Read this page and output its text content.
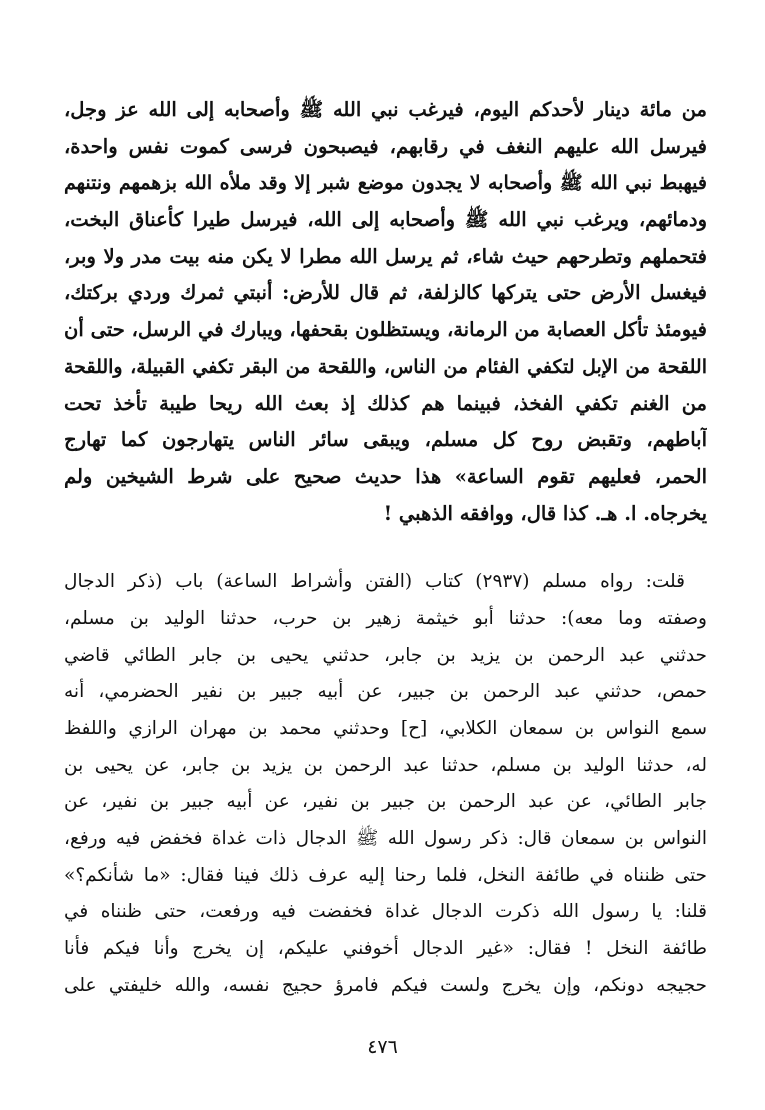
من مائة دينار لأحدكم اليوم، فيرغب نبي الله ﷺ وأصحابه إلى الله عز وجل،
فيرسل الله عليهم النغف في رقابهم، فيصبحون فرسى كموت نفس واحدة،
فيهبط نبي الله ﷺ وأصحابه لا يجدون موضع شبر إلا وقد ملأه الله بزهمهم ونتنهم
ودمائهم، ويرغب نبي الله ﷺ وأصحابه إلى الله، فيرسل طيرا كأعناق البخت،
فتحملهم وتطرحهم حيث شاء، ثم يرسل الله مطرا لا يكن منه بيت مدر ولا وبر،
فيغسل الأرض حتى يتركها كالزلفة، ثم قال للأرض: أنبتي ثمرك وردي بركتك،
فيومئذ تأكل العصابة من الرمانة، ويستظلون بقحفها، ويبارك في الرسل، حتى أن
اللقحة من الإبل لتكفي الفئام من الناس، واللقحة من البقر تكفي القبيلة، واللقحة
من الغنم تكفي الفخذ، فبينما هم كذلك إذ بعث الله ريحا طيبة تأخذ تحت
آباطهم، وتقبض روح كل مسلم، ويبقى سائر الناس يتهارجون كما تهارج
الحمر، فعليهم تقوم الساعة» هذا حديث صحيح على شرط الشيخين ولم
يخرجاه. ا. هـ. كذا قال، ووافقه الذهبي !
قلت: رواه مسلم (٢٩٣٧) كتاب (الفتن وأشراط الساعة) باب (ذكر الدجال
وصفته وما معه): حدثنا أبو خيثمة زهير بن حرب، حدثنا الوليد بن مسلم،
حدثني عبد الرحمن بن يزيد بن جابر، حدثني يحيى بن جابر الطائي قاضي
حمص، حدثني عبد الرحمن بن جبير، عن أبيه جبير بن نفير الحضرمي، أنه
سمع النواس بن سمعان الكلابي، [ح] وحدثني محمد بن مهران الرازي واللفظ
له، حدثنا الوليد بن مسلم، حدثنا عبد الرحمن بن يزيد بن جابر، عن يحيى بن
جابر الطائي، عن عبد الرحمن بن جبير بن نفير، عن أبيه جبير بن نفير، عن
النواس بن سمعان قال: ذكر رسول الله ﷺ الدجال ذات غداة فخفض فيه ورفع،
حتى ظنناه في طائفة النخل، فلما رحنا إليه عرف ذلك فينا فقال: «ما شأنكم؟»
قلنا: يا رسول الله ذكرت الدجال غداة فخفضت فيه ورفعت، حتى ظنناه في
طائفة النخل ! فقال: «غير الدجال أخوفني عليكم، إن يخرج وأنا فيكم فأنا
حجيجه دونكم، وإن يخرج ولست فيكم فامرؤ حجيج نفسه، والله خليفتي على
٤٧٦
